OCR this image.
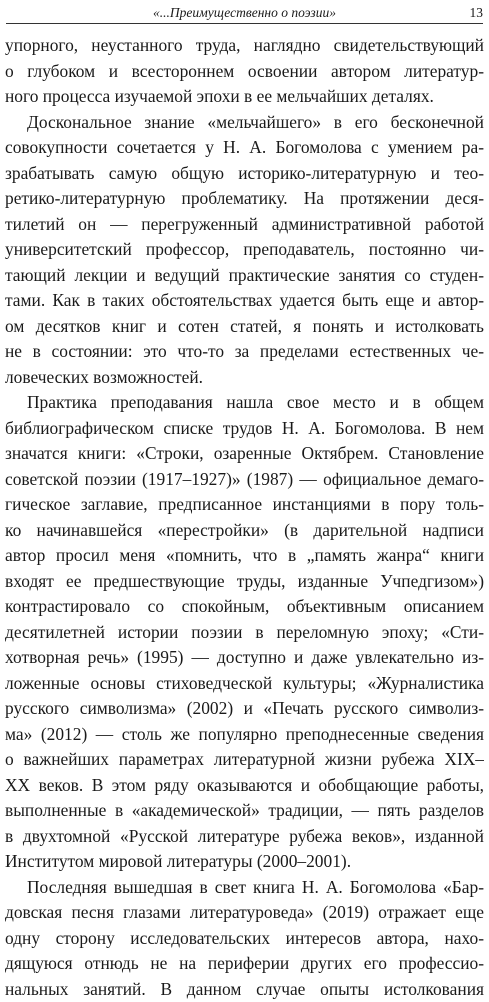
«...Преимущественно о поэзии»	13
упорного, неустанного труда, наглядно свидетельствующий
о глубоком и всестороннем освоении автором литератур-
ного процесса изучаемой эпохи в ее мельчайших деталях.
Доскональное знание «мельчайшего» в его бесконечной
совокупности сочетается у Н. А. Богомолова с умением ра-
зрабатывать самую общую историко-литературную и тео-
ретико-литературную проблематику. На протяжении деся-
тилетий он — перегруженный административной работой
университетский профессор, преподаватель, постоянно чи-
тающий лекции и ведущий практические занятия со студен-
тами. Как в таких обстоятельствах удается быть еще и автор-
ом десятков книг и сотен статей, я понять и истолковать
не в состоянии: это что-то за пределами естественных че-
ловеческих возможностей.
Практика преподавания нашла свое место и в общем
библиографическом списке трудов Н. А. Богомолова. В нем
значатся книги: «Строки, озаренные Октябрем. Становление
советской поэзии (1917–1927)» (1987) — официальное демаго-
гическое заглавие, предписанное инстанциями в пору толь-
ко начинавшейся «перестройки» (в дарительной надписи
автор просил меня «помнить, что в „память жанра“ книги
входят ее предшествующие труды, изданные Учпедгизом»)
контрастировало со спокойным, объективным описанием
десятилетней истории поэзии в переломную эпоху; «Сти-
хотворная речь» (1995) — доступно и даже увлекательно из-
ложенные основы стиховедческой культуры; «Журналистика
русского символизма» (2002) и «Печать русского символиз-
ма» (2012) — столь же популярно преподнесенные сведения
о важнейших параметрах литературной жизни рубежа XIX–
XX веков. В этом ряду оказываются и обобщающие работы,
выполненные в «академической» традиции, — пять разделов
в двухтомной «Русской литературе рубежа веков», изданной
Институтом мировой литературы (2000–2001).
Последняя вышедшая в свет книга Н. А. Богомолова «Бар-
довская песня глазами литературоведа» (2019) отражает еще
одну сторону исследовательских интересов автора, нахо-
дящуюся отнюдь не на периферии других его профессио-
нальных занятий. В данном случае опыты истолкования
